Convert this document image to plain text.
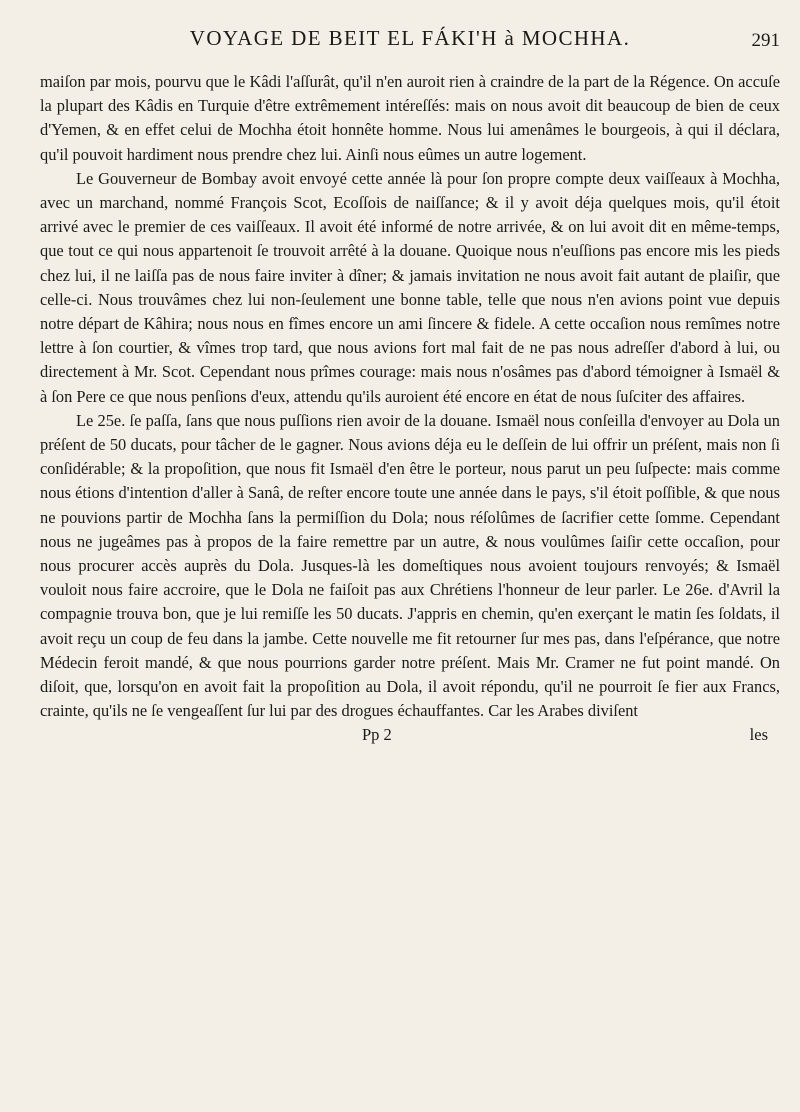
VOYAGE DE BEIT EL FÁKI'H à MOCHHA.	291

maiſon par mois, pourvu que le Kâdi l'aſſurât, qu'il n'en auroit rien à craindre de la part de la Régence. On accuſe la plupart des Kâdis en Turquie d'être extrêmement intéreſſés: mais on nous avoit dit beaucoup de bien de ceux d'Yemen, & en effet celui de Mochha étoit honnête homme. Nous lui amenâmes le bourgeois, à qui il déclara, qu'il pouvoit hardiment nous prendre chez lui. Ainſi nous eûmes un autre logement.

Le Gouverneur de Bombay avoit envoyé cette année là pour ſon propre compte deux vaiſſeaux à Mochha, avec un marchand, nommé François Scot, Ecoſſois de naiſſance; & il y avoit déja quelques mois, qu'il étoit arrivé avec le premier de ces vaiſſeaux. Il avoit été informé de notre arrivée, & on lui avoit dit en même-temps, que tout ce qui nous appartenoit ſe trouvoit arrêté à la douane. Quoique nous n'euſſions pas encore mis les pieds chez lui, il ne laiſſa pas de nous faire inviter à dîner; & jamais invitation ne nous avoit fait autant de plaiſir, que celle-ci. Nous trouvâmes chez lui non-ſeulement une bonne table, telle que nous n'en avions point vue depuis notre départ de Kâhira; nous nous en fîmes encore un ami ſincere & fidele. A cette occaſion nous remîmes notre lettre à ſon courtier, & vîmes trop tard, que nous avions fort mal fait de ne pas nous adreſſer d'abord à lui, ou directement à Mr. Scot. Cependant nous prîmes courage: mais nous n'osâmes pas d'abord témoigner à Ismaël & à ſon Pere ce que nous penſions d'eux, attendu qu'ils auroient été encore en état de nous ſuſciter des affaires.

Le 25e. ſe paſſa, ſans que nous puſſions rien avoir de la douane. Ismaël nous conſeilla d'envoyer au Dola un préſent de 50 ducats, pour tâcher de le gagner. Nous avions déja eu le deſſein de lui offrir un préſent, mais non ſi conſidérable; & la propoſition, que nous fit Ismaël d'en être le porteur, nous parut un peu ſuſpecte: mais comme nous étions d'intention d'aller à Sanâ, de reſter encore toute une année dans le pays, s'il étoit poſſible, & que nous ne pouvions partir de Mochha ſans la permiſſion du Dola; nous réſolûmes de ſacrifier cette ſomme. Cependant nous ne jugeâmes pas à propos de la faire remettre par un autre, & nous voulûmes ſaiſir cette occaſion, pour nous procurer accès auprès du Dola. Jusques-là les domeſtiques nous avoient toujours renvoyés; & Ismaël vouloit nous faire accroire, que le Dola ne faiſoit pas aux Chrétiens l'honneur de leur parler. Le 26e. d'Avril la compagnie trouva bon, que je lui remiſſe les 50 ducats. J'appris en chemin, qu'en exerçant le matin ſes ſoldats, il avoit reçu un coup de feu dans la jambe. Cette nouvelle me fit retourner ſur mes pas, dans l'eſpérance, que notre Médecin feroit mandé, & que nous pourrions garder notre préſent. Mais Mr. Cramer ne fut point mandé. On diſoit, que, lorsqu'on en avoit fait la propoſition au Dola, il avoit répondu, qu'il ne pourroit ſe fier aux Francs, crainte, qu'ils ne ſe vengeaſſent ſur lui par des drogues échauffantes. Car les Arabes diviſent

Pp 2	les
